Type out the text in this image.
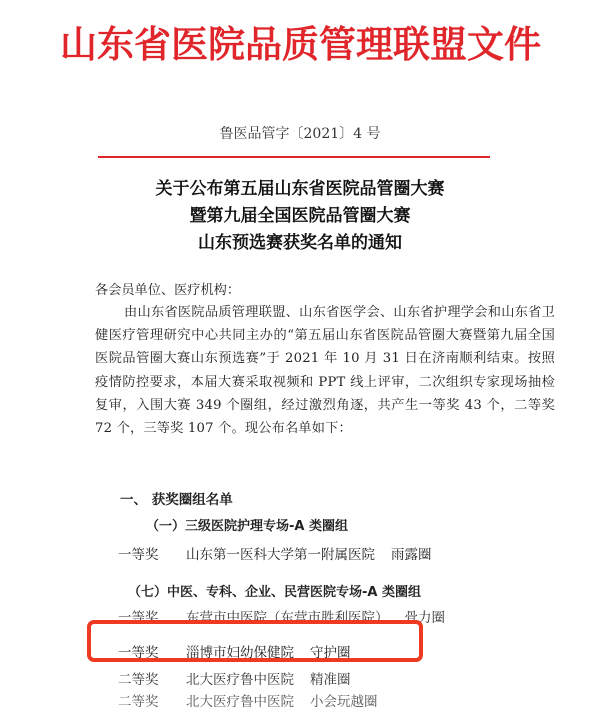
山东省医院品质管理联盟文件
鲁医品管字〔2021〕4 号
关于公布第五届山东省医院品管圈大赛
暨第九届全国医院品管圈大赛
山东预选赛获奖名单的通知
各会员单位、医疗机构：
由山东省医院品质管理联盟、山东省医学会、山东省护理学会和山东省卫健医疗管理研究中心共同主办的“第五届山东省医院品管圈大赛暨第九届全国医院品管圈大赛山东预选赛”于 2021 年 10 月 31 日在济南顺利结束。按照疫情防控要求，本届大赛采取视频和 PPT 线上评审，二次组织专家现场抽检复审，入围大赛 349 个圈组，经过激烈角逐，共产生一等奖 43 个，二等奖 72 个，三等奖 107 个。现公布名单如下：
一、 获奖圈组名单
（一）三级医院护理专场-A 类圈组
一等奖 山东第一医科大学第一附属医院 雨露圈
（七）中医、专科、企业、民营医院专场-A 类圈组
一等奖 东营市中医院（东营市胜利医院） 骨力圈
一等奖 淄博市妇幼保健院 守护圈
二等奖 北大医疗鲁中医院 精准圈
二等奖 北大医疗鲁中医院 小会玩越圈
